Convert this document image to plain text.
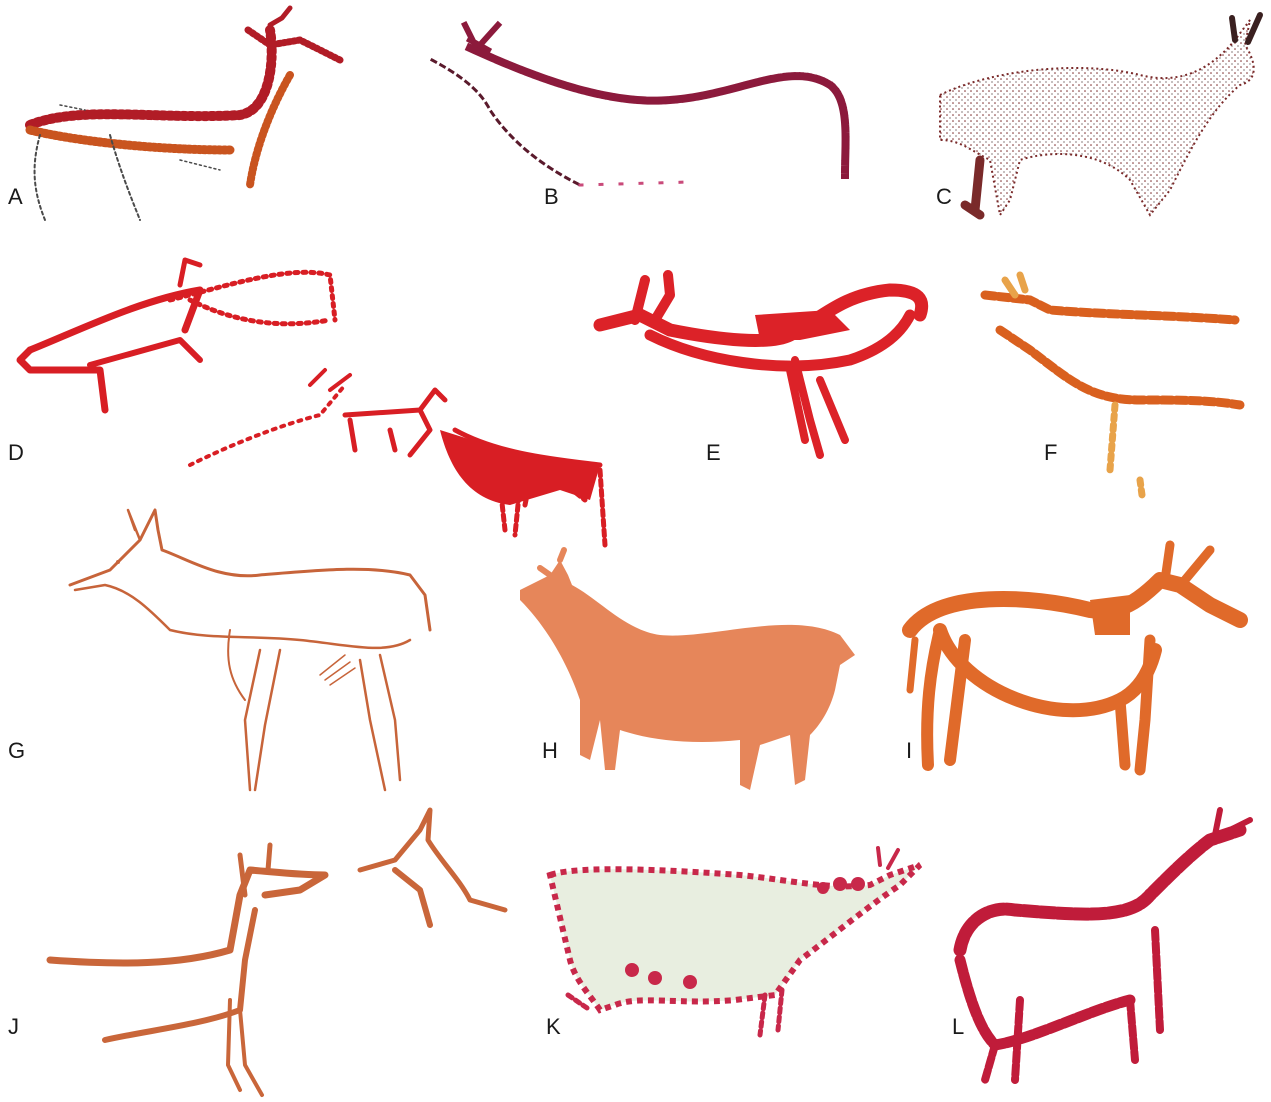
A	B	C
D	E	F
G	H	I
J	K	L
